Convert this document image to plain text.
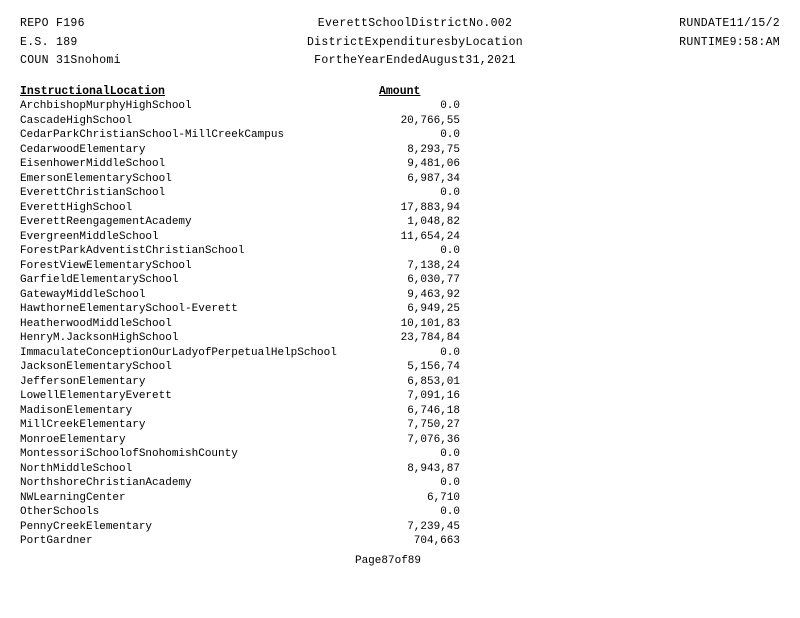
REPO F196
E.S. 189
COUN 31Snohomi
EverettSchoolDistrictNo.002
DistrictExpendituresbyLocation
FortheYearEndedAugust31,2021
RUNDATE11/15/2
RUNTIME9:58:AM
InstructionalLocation	Amount
ArchbishopMurphyHighSchool	0.0
CascadeHighSchool	20,766,55
CedarParkChristianSchool-MillCreekCampus	0.0
CedarwoodElementary	8,293,75
EisenhowerMiddleSchool	9,481,06
EmersonElementarySchool	6,987,34
EverettChristianSchool	0.0
EverettHighSchool	17,883,94
EverettReengagementAcademy	1,048,82
EvergreenMiddleSchool	11,654,24
ForestParkAdventistChristianSchool	0.0
ForestViewElementarySchool	7,138,24
GarfieldElementarySchool	6,030,77
GatewayMiddleSchool	9,463,92
HawthorneElementarySchool-Everett	6,949,25
HeatherwoodMiddleSchool	10,101,83
HenryM.JacksonHighSchool	23,784,84
ImmaculateConceptionOurLadyofPerpetualHelpSchool	0.0
JacksonElementarySchool	5,156,74
JeffersonElementary	6,853,01
LowellElementaryEverett	7,091,16
MadisonElementary	6,746,18
MillCreekElementary	7,750,27
MonroeElementary	7,076,36
MontessoriSchoolofSnohomishCounty	0.0
NorthMiddleSchool	8,943,87
NorthshoreChristianAcademy	0.0
NWLearningCenter	6,710
OtherSchools	0.0
PennyCreekElementary	7,239,45
PortGardner	704,663
Page87of89
